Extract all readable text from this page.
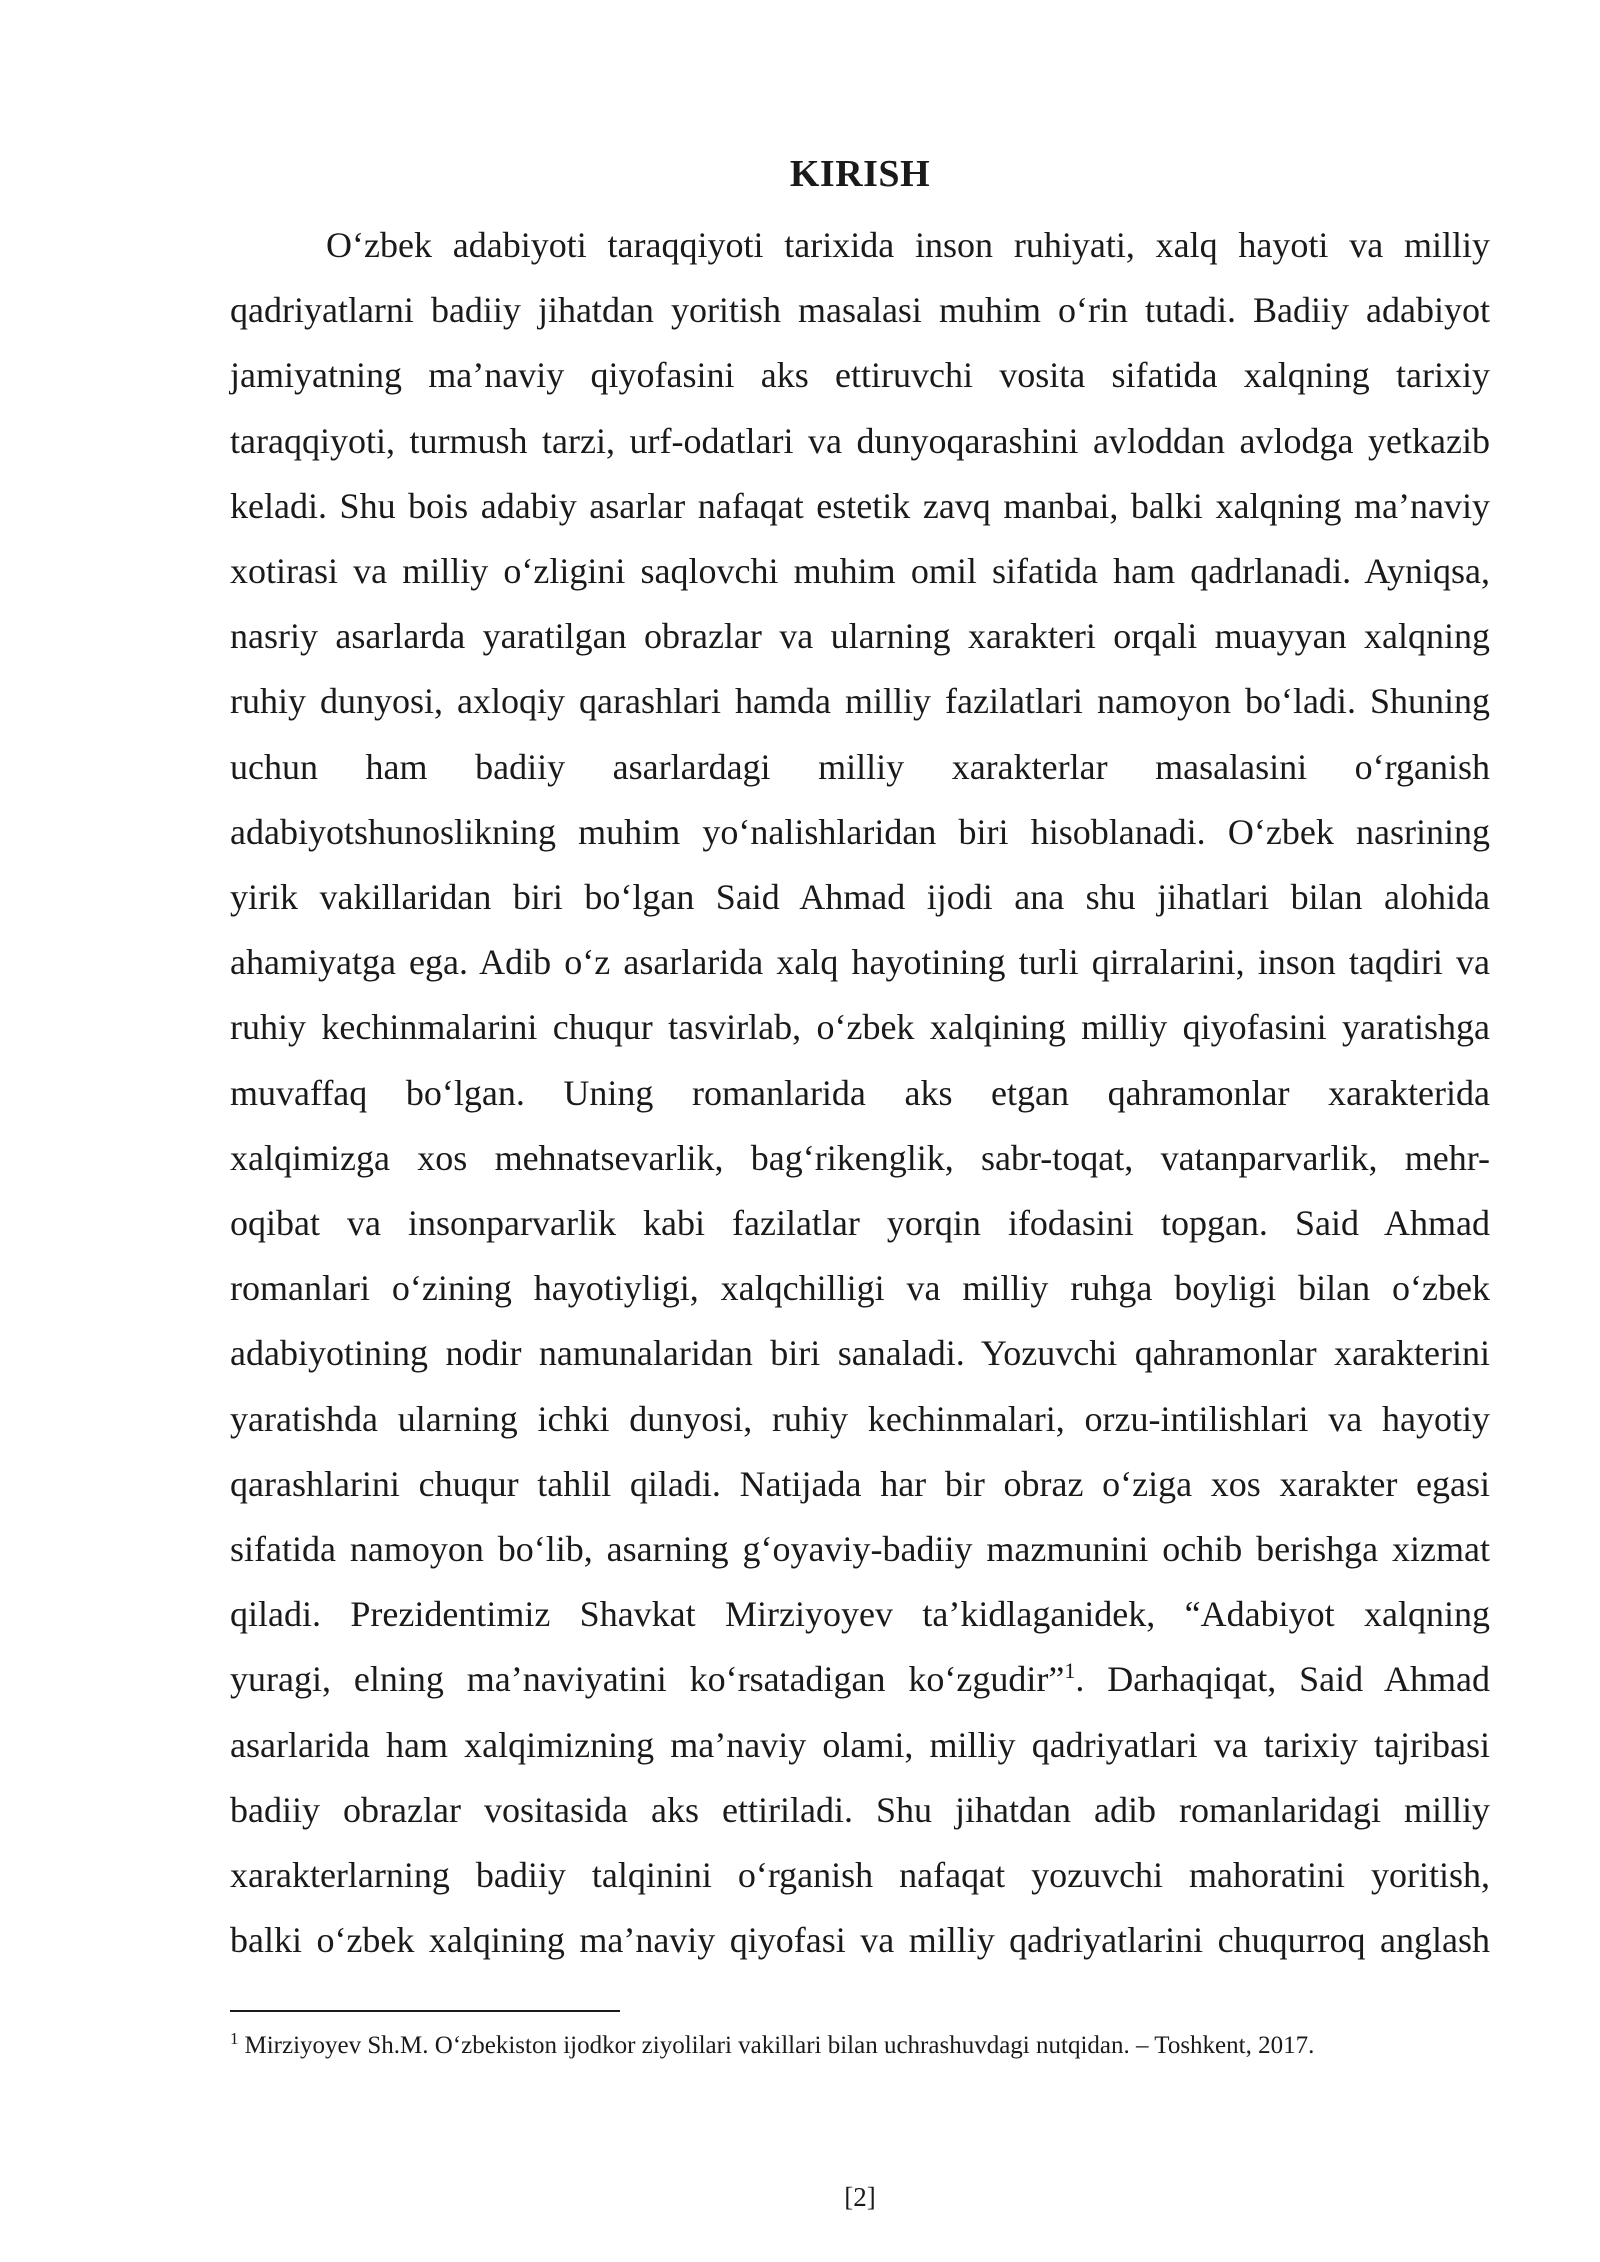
KIRISH
O‘zbek adabiyoti taraqqiyoti tarixida inson ruhiyati, xalq hayoti va milliy
qadriyatlarni badiiy jihatdan yoritish masalasi muhim o‘rin tutadi. Badiiy adabiyot
jamiyatning ma’naviy qiyofasini aks ettiruvchi vosita sifatida xalqning tarixiy
taraqqiyoti, turmush tarzi, urf-odatlari va dunyoqarashini avloddan avlodga yetkazib
keladi. Shu bois adabiy asarlar nafaqat estetik zavq manbai, balki xalqning ma’naviy
xotirasi va milliy o‘zligini saqlovchi muhim omil sifatida ham qadrlanadi. Ayniqsa,
nasriy asarlarda yaratilgan obrazlar va ularning xarakteri orqali muayyan xalqning
ruhiy dunyosi, axloqiy qarashlari hamda milliy fazilatlari namoyon bo‘ladi. Shuning
uchun ham badiiy asarlardagi milliy xarakterlar masalasini o‘rganish
adabiyotshunoslikning muhim yo‘nalishlaridan biri hisoblanadi. O‘zbek nasrining
yirik vakillaridan biri bo‘lgan Said Ahmad ijodi ana shu jihatlari bilan alohida
ahamiyatga ega. Adib o‘z asarlarida xalq hayotining turli qirralarini, inson taqdiri va
ruhiy kechinmalarini chuqur tasvirlab, o‘zbek xalqining milliy qiyofasini yaratishga
muvaffaq bo‘lgan. Uning romanlarida aks etgan qahramonlar xarakterida
xalqimizga xos mehnatsevarlik, bag‘rikenglik, sabr-toqat, vatanparvarlik, mehr-
oqibat va insonparvarlik kabi fazilatlar yorqin ifodasini topgan. Said Ahmad
romanlari o‘zining hayotiyligi, xalqchilligi va milliy ruhga boyligi bilan o‘zbek
adabiyotining nodir namunalaridan biri sanaladi. Yozuvchi qahramonlar xarakterini
yaratishda ularning ichki dunyosi, ruhiy kechinmalari, orzu-intilishlari va hayotiy
qarashlarini chuqur tahlil qiladi. Natijada har bir obraz o‘ziga xos xarakter egasi
sifatida namoyon bo‘lib, asarning g‘oyaviy-badiiy mazmunini ochib berishga xizmat
qiladi. Prezidentimiz Shavkat Mirziyoyev ta’kidlaganidek, “Adabiyot xalqning
yuragi, elning ma’naviyatini ko‘rsatadigan ko‘zgudir”$^1$. Darhaqiqat, Said Ahmad
asarlarida ham xalqimizning ma’naviy olami, milliy qadriyatlari va tarixiy tajribasi
badiiy obrazlar vositasida aks ettiriladi. Shu jihatdan adib romanlaridagi milliy
xarakterlarning badiiy talqinini o‘rganish nafaqat yozuvchi mahoratini yoritish,
balki o‘zbek xalqining ma’naviy qiyofasi va milliy qadriyatlarini chuqurroq anglash

$^1$ Mirziyoyev Sh.M. O‘zbekiston ijodkor ziyolilari vakillari bilan uchrashuvdagi nutqidan. – Toshkent, 2017.

[2]
